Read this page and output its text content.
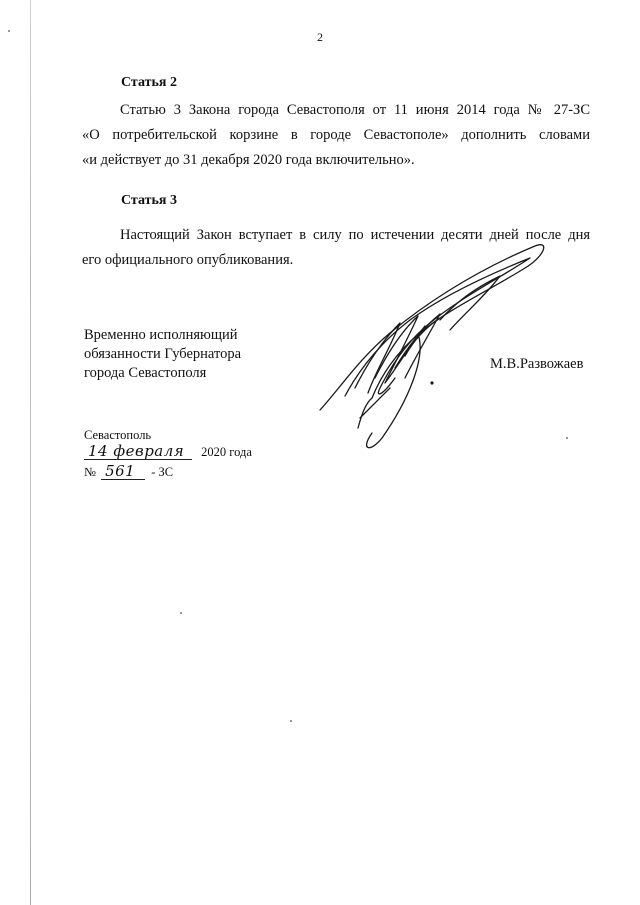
2
Статья 2
Статью 3 Закона города Севастополя от 11 июня 2014 года № 27-ЗС
«О потребительской корзине в городе Севастополе» дополнить словами
«и действует до 31 декабря 2020 года включительно».
Статья 3
Настоящий Закон вступает в силу по истечении десяти дней после дня
его официального опубликования.
Временно исполняющий
обязанности Губернатора
города Севастополя
М.В.Развожаев
Севастополь
14 февраля 2020 года
№ 561 - ЗС
